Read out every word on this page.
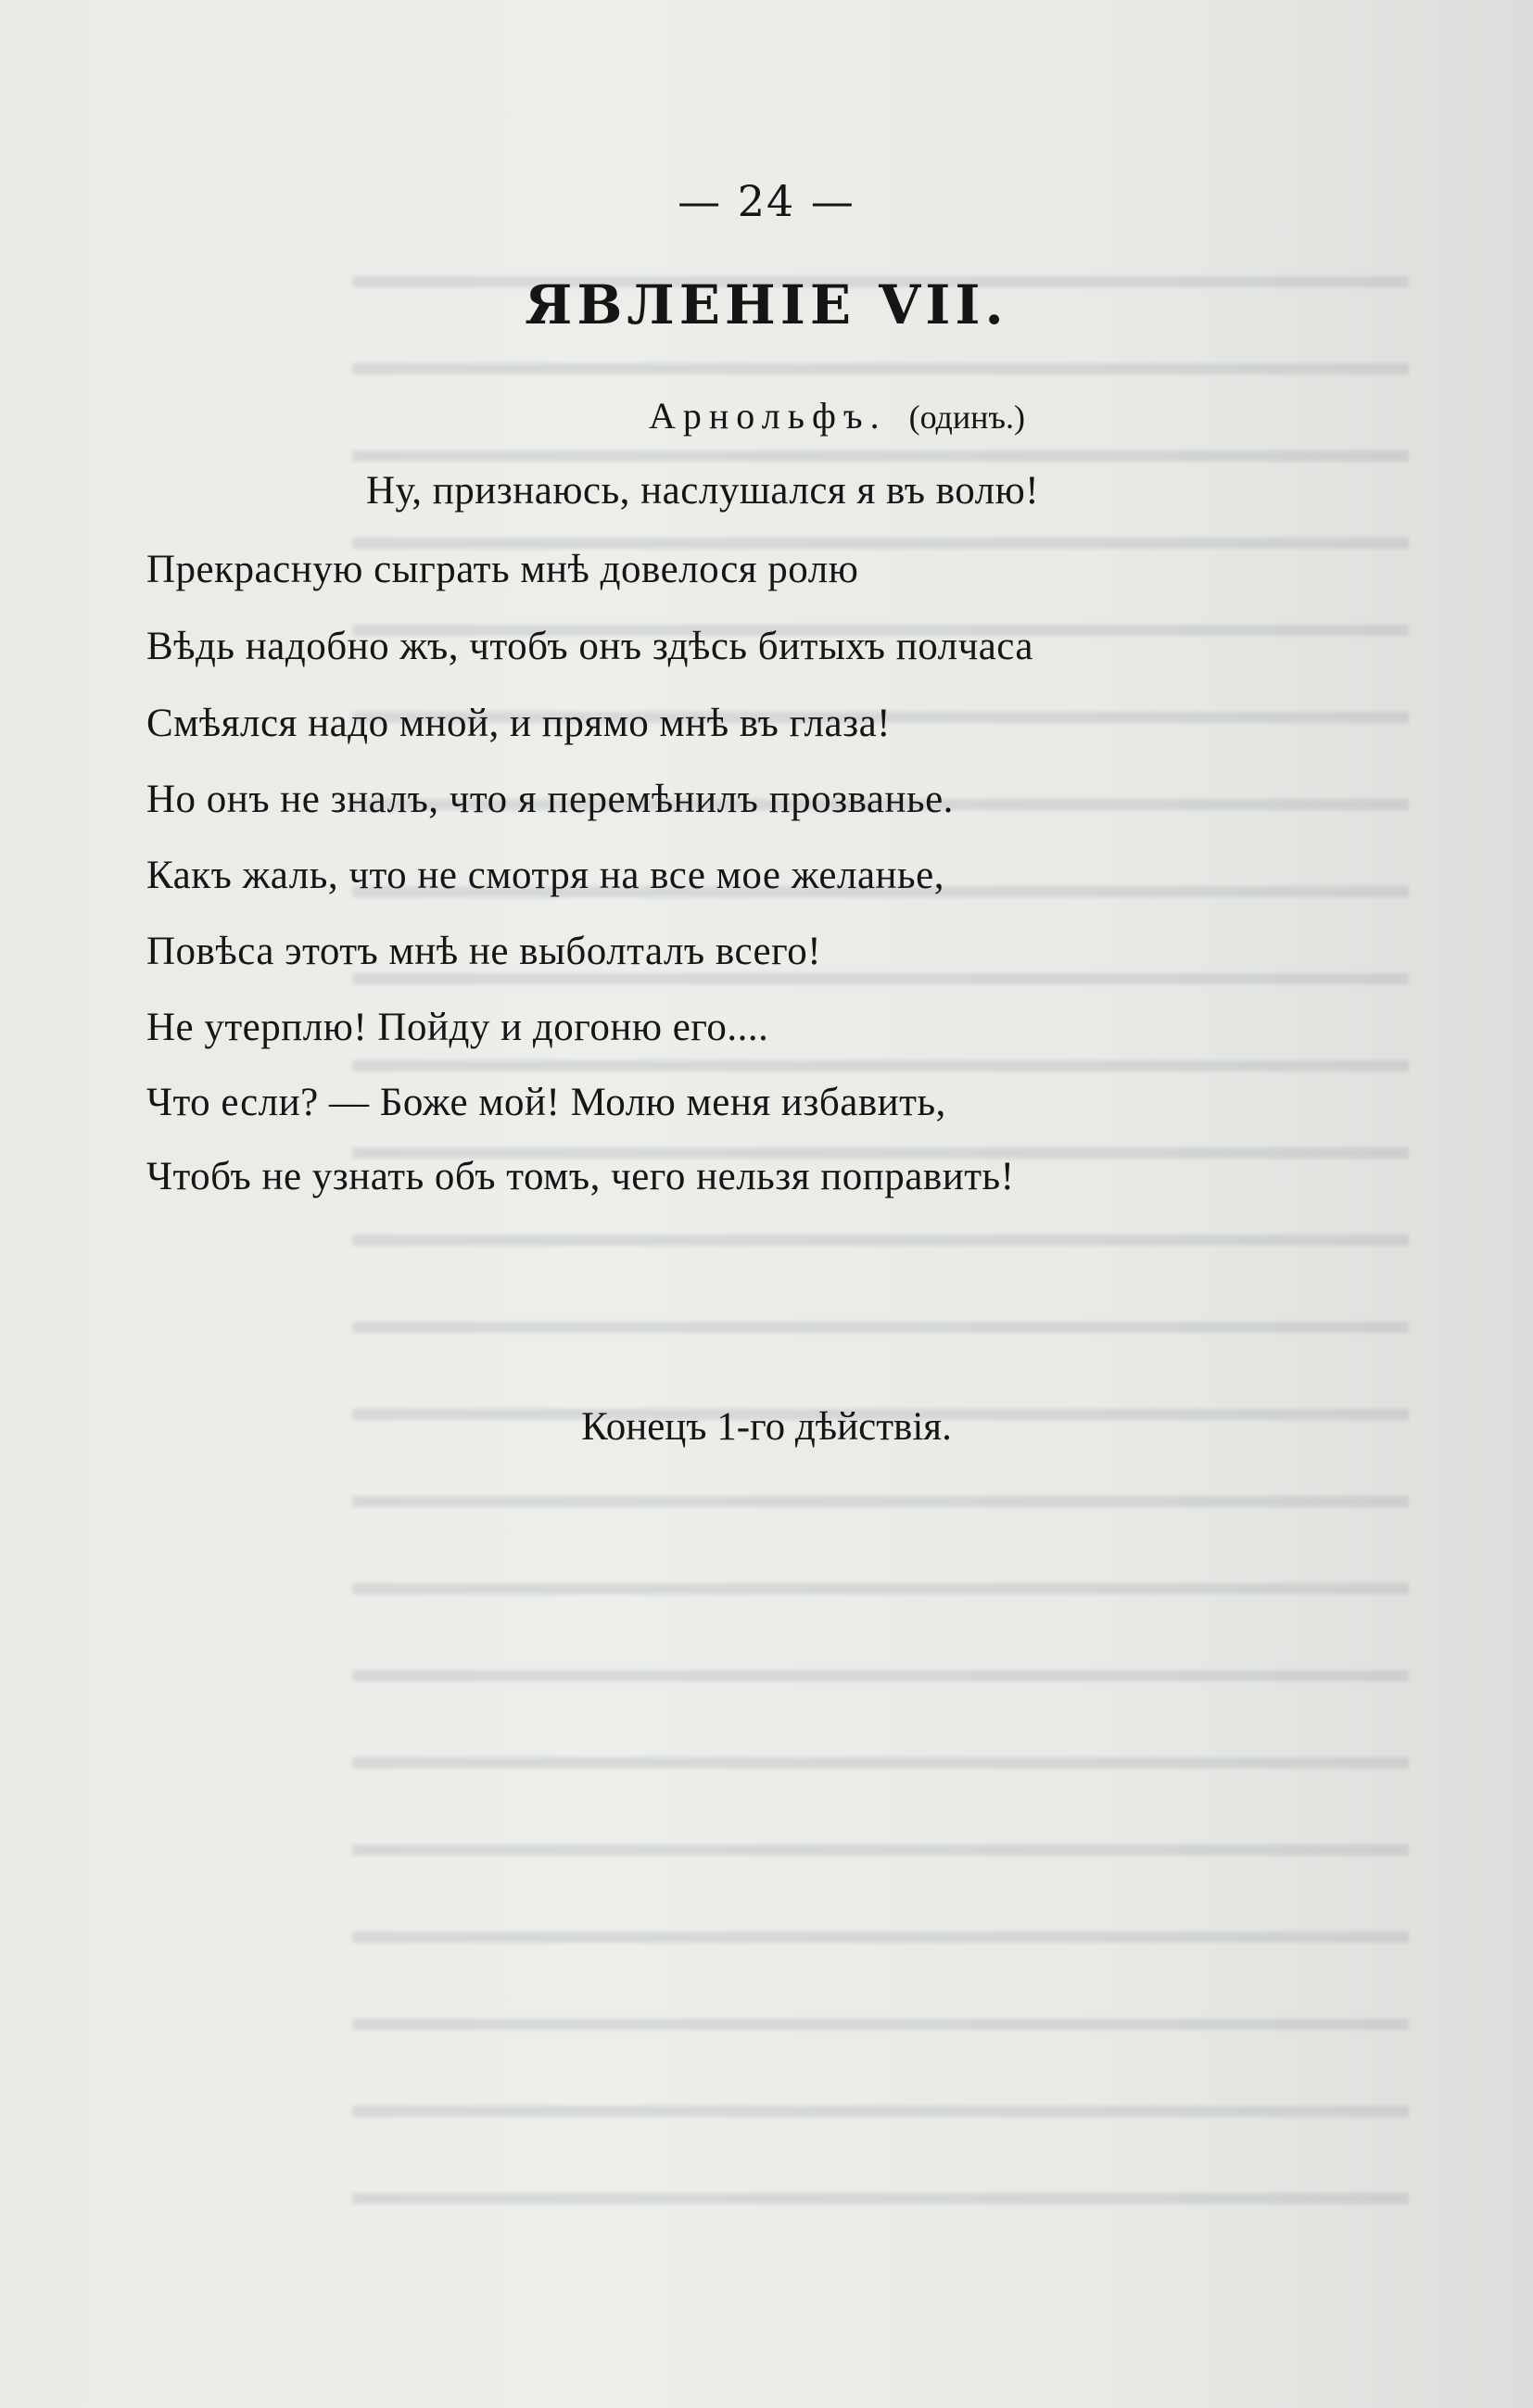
— 24 —
ЯВЛЕНІЕ VII.
Арнольфъ. (одинъ.)

Ну, признаюсь, наслушался я въ волю!

Прекрасную сыграть мнѣ довелося ролю

Вѣдь надобно жъ, чтобъ онъ здѣсь битыхъ полчаса

Смѣялся надо мной, и прямо мнѣ въ глаза!

Но онъ не зналъ, что я перемѣнилъ прозванье.

Какъ жаль, что не смотря на все мое желанье,

Повѣса этотъ мнѣ не выболталъ всего!

Не утерплю! Пойду и догоню его....

Что если? — Боже мой! Молю меня избавить,

Чтобъ не узнать объ томъ, чего нельзя поправить!

Конецъ 1-го дѣйствія.
